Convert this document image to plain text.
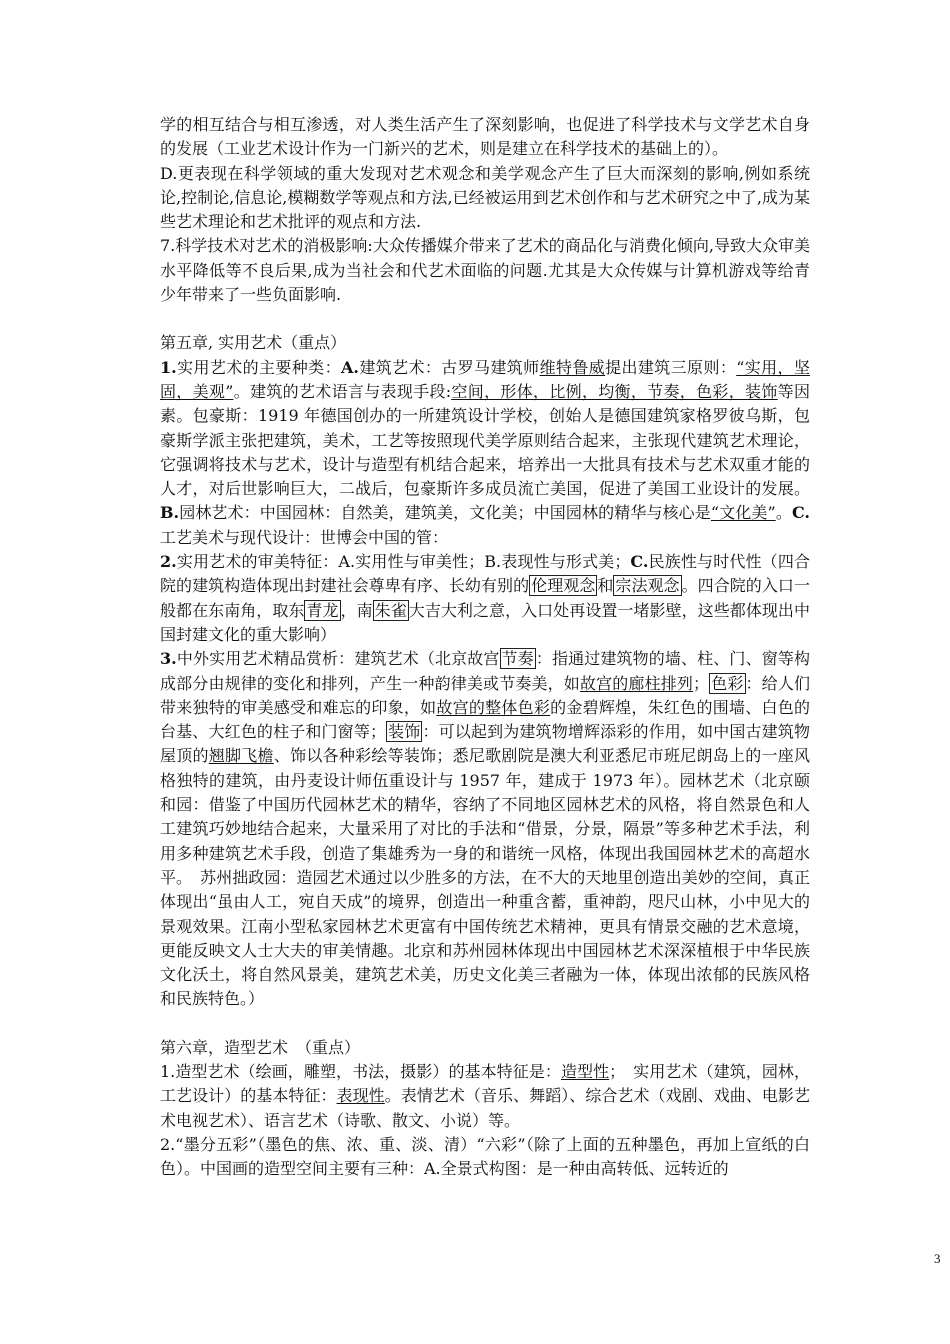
学的相互结合与相互渗透，对人类生活产生了深刻影响，也促进了科学技术与文学艺术自身的发展（工业艺术设计作为一门新兴的艺术，则是建立在科学技术的基础上的）。

D.更表现在科学领域的重大发现对艺术观念和美学观念产生了巨大而深刻的影响,例如系统论,控制论,信息论,模糊数学等观点和方法,已经被运用到艺术创作和与艺术研究之中了,成为某些艺术理论和艺术批评的观点和方法.

7.科学技术对艺术的消极影响:大众传播媒介带来了艺术的商品化与消费化倾向,导致大众审美水平降低等不良后果,成为当社会和代艺术面临的问题.尤其是大众传媒与计算机游戏等给青少年带来了一些负面影响.

第五章, 实用艺术（重点）

1.实用艺术的主要种类：A.建筑艺术：古罗马建筑师维特鲁威提出建筑三原则：“实用，坚固，美观”。建筑的艺术语言与表现手段:空间，形体，比例，均衡，节奏，色彩，装饰等因素。包豪斯：1919 年德国创办的一所建筑设计学校，创始人是德国建筑家格罗彼乌斯，包豪斯学派主张把建筑，美术，工艺等按照现代美学原则结合起来，主张现代建筑艺术理论，它强调将技术与艺术，设计与造型有机结合起来，培养出一大批具有技术与艺术双重才能的人才，对后世影响巨大，二战后，包豪斯许多成员流亡美国，促进了美国工业设计的发展。B.园林艺术：中国园林：自然美，建筑美，文化美；中国园林的精华与核心是“文化美”。C.工艺美术与现代设计：世博会中国的管：

2.实用艺术的审美特征：A.实用性与审美性；B.表现性与形式美；C.民族性与时代性（四合院的建筑构造体现出封建社会尊卑有序、长幼有别的 伦理观念 和 宗法观念 。四合院的入口一般都在东南角，取东 青龙 ，南 朱雀 大吉大利之意，入口处再设置一堵影壁，这些都体现出中国封建文化的重大影响）

3.中外实用艺术精品赏析：建筑艺术（北京故宫 节奏 ：指通过建筑物的墙、柱、门、窗等构成部分由规律的变化和排列，产生一种韵律美或节奏美，如故宫的廊柱排列； 色彩 ：给人们带来独特的审美感受和难忘的印象，如故宫的整体色彩的金碧辉煌，朱红色的围墙、白色的台基、大红色的柱子和门窗等； 装饰 ：可以起到为建筑物增辉添彩的作用，如中国古建筑物屋顶的翘脚飞檐、饰以各种彩绘等装饰；悉尼歌剧院是澳大利亚悉尼市班尼朗岛上的一座风格独特的建筑，由丹麦设计师伍重设计与 1957 年，建成于 1973 年）。园林艺术（北京颐和园：借鉴了中国历代园林艺术的精华，容纳了不同地区园林艺术的风格，将自然景色和人工建筑巧妙地结合起来，大量采用了对比的手法和“借景，分景，隔景”等多种艺术手法，利用多种建筑艺术手段，创造了集雄秀为一身的和谐统一风格，体现出我国园林艺术的高超水平。　苏州拙政园：造园艺术通过以少胜多的方法，在不大的天地里创造出美妙的空间，真正体现出“虽由人工，宛自天成”的境界，创造出一种重含蓄，重神韵，咫尺山林，小中见大的景观效果。江南小型私家园林艺术更富有中国传统艺术精神，更具有情景交融的艺术意境，更能反映文人士大夫的审美情趣。北京和苏州园林体现出中国园林艺术深深植根于中华民族文化沃土，将自然风景美，建筑艺术美，历史文化美三者融为一体，体现出浓郁的民族风格和民族特色。）

第六章，造型艺术　（重点）

1.造型艺术（绘画，雕塑，书法，摄影）的基本特征是：造型性；　实用艺术（建筑，园林，工艺设计）的基本特征：表现性。表情艺术（音乐、舞蹈）、综合艺术（戏剧、戏曲、电影艺术电视艺术）、语言艺术（诗歌、散文、小说）等。

2.“墨分五彩”（墨色的焦、浓、重、淡、清）“六彩”（除了上面的五种墨色，再加上宣纸的白色）。中国画的造型空间主要有三种：A.全景式构图：是一种由高转低、远转近的

3
